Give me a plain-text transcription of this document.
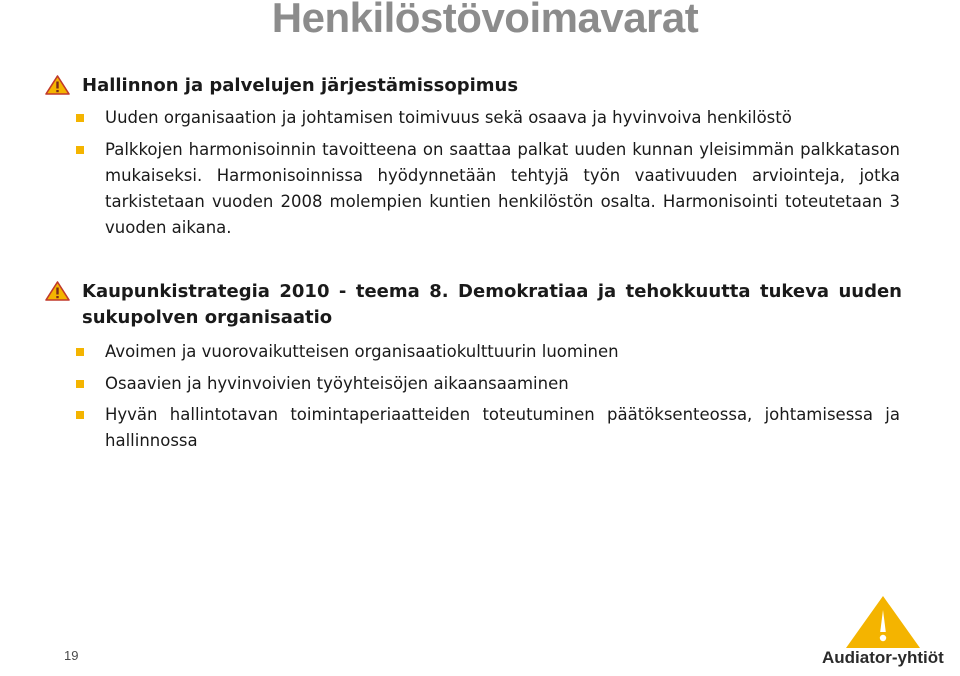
Henkilöstövoimavarat
Hallinnon ja palvelujen järjestämissopimus
Uuden organisaation ja johtamisen toimivuus sekä osaava ja hyvinvoiva henkilöstö
Palkkojen harmonisoinnin tavoitteena on saattaa palkat uuden kunnan yleisimmän palkkatason mukaiseksi. Harmonisoinnissa hyödynnetään tehtyjä työn vaativuuden arviointeja, jotka tarkistetaan vuoden 2008 molempien kuntien henkilöstön osalta. Harmonisointi toteutetaan 3 vuoden aikana.
Kaupunkistrategia 2010 - teema 8. Demokratiaa ja tehokkuutta tukeva uuden sukupolven organisaatio
Avoimen ja vuorovaikutteisen organisaatiokulttuurin luominen
Osaavien ja hyvinvoivien työyhteisöjen aikaansaaminen
Hyvän hallintotavan toimintaperiaatteiden toteutuminen päätöksenteossa, johtamisessa ja hallinnossa
19	Audiator-yhtiöt
